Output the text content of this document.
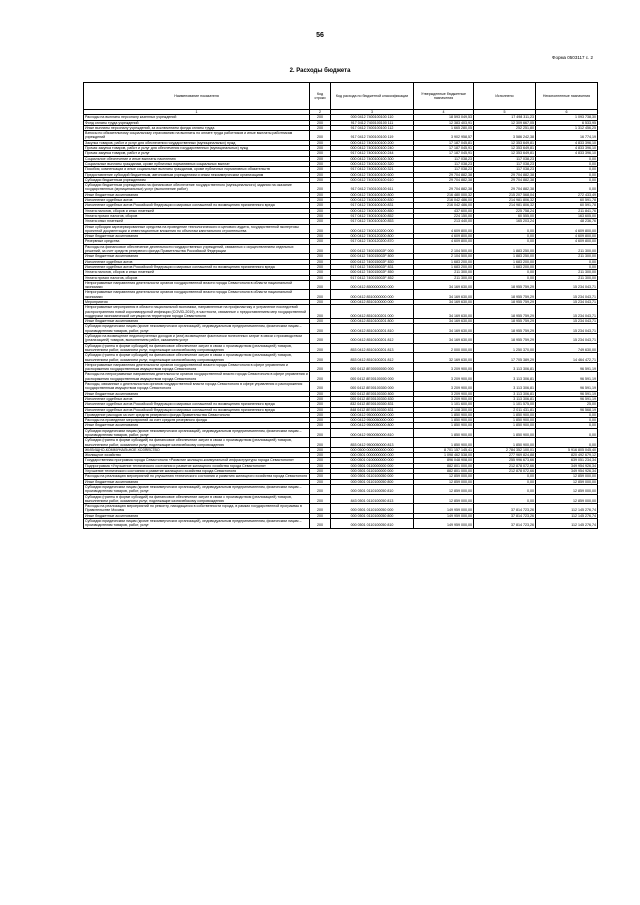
56
Форма 0503117 с. 2
2. Расходы бюджета
Наименование показателя	Код строки	Код расхода по бюджетной классификации	Утвержденные бюджетные назначения	Исполнено	Неисполненные назначения
1	2	3	4	5	6
Расходы на выплаты персоналу казенных учреждений	200	000 0412 7400100100 110	18 593 049,53	17 498 311,23	1 093 738,30
Фонд оплаты труда учреждений	200	917 0412 7400100100 111	12 383 403,91	12 309 667,05	6 533,95
Иные выплаты персоналу учреждений, за исключением фонда оплаты труда	200	917 0412 7400100100 112	1 665 280,05	252 251,80	1 312 456,25
Взносы по обязательному социальному страхованию на выплаты по оплате труда работников и иные выплаты работникам учреждений	200	917 0412 7400100100 119	3 902 958,57	3 586 242,38	16 774,19
Закупка товаров, работ и услуг для обеспечения государственных (муниципальных) нужд	200	000 0412 7400100100 200	17 187 045,81	12 353 649,81	4 833 396,10
Прочая закупка товаров, работ и услуг для обеспечения государственных (муниципальных) нужд	200	000 0412 7400100100 240	17 187 045,91	12 353 649,81	4 833 396,10
Прочая закупка товаров, работ и услуг	200	917 0412 7400100100 244	17 187 045,91	12 353 649,81	4 833 396,10
Социальное обеспечение и иные выплаты населению	200	000 0412 7400100100 300	117 038,23	117 038,23	0,00
Социальные выплаты гражданам, кроме публичных нормативных социальных выплат	200	000 0412 7400100100 320	117 038,23	117 038,23	0,00
Пособия, компенсации и иные социальные выплаты гражданам, кроме публичных нормативных обязательств	200	917 0412 7400100100 321	117 038,23	117 038,23	0,00
Предоставление субсидий бюджетным, автономным учреждениям и иным некоммерческим организациям	200	000 0412 7400100100 600	29 704 882,38	29 704 882,38	0,00
Субсидии бюджетным учреждениям	200	000 0412 7400100100 610	29 704 882,38	29 704 882,38	0,00
Субсидии бюджетным учреждениям на финансовое обеспечение государственного (муниципального) задания на оказание государственных (муниципальных) услуг (выполнение работ)	200	917 0412 7400100100 611	29 704 882,38	29 704 882,38	0,00
Иные бюджетные ассигнования	200	000 0412 7400100100 800	216 480 000,32	215 207 568,04	272 433,49
Исполнение судебных актов	200	000 0412 7400100100 830	216 042 486,00	214 981 806,32	60 591,78
Исполнение судебных актов Российской Федерации и мировых соглашений по возмещению причиненного вреда	200	917 0412 7400100100 831	216 042 486,00	214 981 806,32	60 591,78
Уплата налогов, сборов и иных платежей	200	000 0412 7400100100 850	437 600,00	225 758,24	211 841,76
Уплата прочих налогов, сборов	200	917 0412 7400100100 852	224 150,00	60 555,00	163 605,00
Уплата иных платежей	200	917 0412 7400100100 853	213 440,00	165 203,24	48 236,76
Иные субсидии зарезервированные средства на проведение технологического и ценового аудита, государственной экспертизы проектной документации и инвестиционные вложения по объектам капитального строительства	200	000 0412 7400120200 000	4 609 800,00	0,00	4 609 800,00
Иные бюджетные ассигнования	200	000 0412 7400120200 800	4 609 800,00	0,00	4 609 800,00
Резервные средства	200	917 0412 7400120200 870	4 609 800,00	0,00	4 609 800,00
Расходы на финансовое обеспечение деятельности государственных учреждений, связанных с осуществлением отдельных решений, за счет средств резервного фонда Правительства Российской Федерации	200	000 0412 740015002F 000	2 104 500,00	1 883 250,00	211 300,00
Иные бюджетные ассигнования	200	000 0412 740015002F 800	2 104 500,00	1 883 250,00	211 300,00
Исполнение судебных актов	200	000 0412 740015002F 830	1 683 200,00	1 683 200,00	0,00
Исполнение судебных актов Российской Федерации и мировых соглашений по возмещению причиненного вреда	200	917 0412 740015002F 831	1 683 200,00	1 683 200,00	0,00
Уплата налогов, сборов и иных платежей	200	000 0412 740015002F 850	211 300,00	0,00	211 300,00
Уплата прочих налогов, сборов	200	917 0412 740015002F 852	211 300,00	0,00	211 300,00
Непрограммные направления деятельности органов государственной власти города Севастополя в области национальной экономики	200	000 0412 8500000000 000	34 169 630,00	18 955 759,29	15 234 043,71
Непрограммные направления деятельности органов государственной власти города Севастополя в области национальной экономики	200	000 0412 8510000000 000	34 169 630,00	18 955 759,29	15 234 043,71
Мероприятия	200	000 0412 8510100000 000	34 169 630,00	18 955 759,29	15 234 043,71
Непрограммные мероприятия в области национальной экономики, направленные на профилактику и устранение последствий распространения новой коронавирусной инфекции (COVID-2019), в частности, связанные с предоставлением мер государственной поддержки экономической ситуации на территории города Севастополя	200	000 0412 8510100201 000	34 169 630,00	18 955 759,29	15 234 043,71
Иные бюджетные ассигнования	200	000 0412 8510100201 800	34 169 630,00	18 955 759,29	15 234 043,71
Субсидии юридическим лицам (кроме некоммерческих организаций), индивидуальным предпринимателям, физическим лицам – производителям товаров, работ, услуг	200	000 0412 8510100201 810	34 169 630,00	18 955 759,29	15 234 043,71
Субсидии на возмещение недополученных доходов и (или) возмещение фактически понесенных затрат в связи с производством (реализацией) товаров, выполнением работ, оказанием услуг	200	000 0412 8510100201 812	34 169 630,00	18 955 759,29	15 234 043,71
Субсидии (гранты в форме субсидий) на финансовое обеспечение затрат в связи с производством (реализацией) товаров, выполнением работ, оказанием услуг, подлежащие казначейскому сопровождению	200	853 0412 8510100201 813	2 000 000,00	1 250 370,00	749 630,00
Субсидии (гранты в форме субсидий) на финансовое обеспечение затрат в связи с производством (реализацией) товаров, выполнением работ, оказанием услуг, подлежащие казначейскому сопровождению	200	853 0412 8510100201 812	32 169 630,00	17 705 389,29	14 464 472,71
Непрограммные направления деятельности органов государственной власти города Севастополя в сфере управления и распоряжения государственным имуществом города Севастополя	200	000 0412 8E00000000 000	3 209 900,00	3 113 306,81	96 591,19
Расходы на непрограммные направления деятельности органов государственной власти города Севастополя в сфере управления и распоряжения государственным имуществом города Севастополя	200	000 0412 8E00100000 000	3 209 900,00	3 113 306,81	96 591,19
Расходы, связанные с деятельностью органов государственной власти города Севастополя в сфере управления и распоряжения государственным имуществом города Севастополя	200	000 0412 8E00100300 000	3 209 900,00	3 113 306,81	96 591,19
Иные бюджетные ассигнования	200	000 0412 8E00100300 800	3 209 900,00	3 113 306,81	96 591,19
Исполнение судебных актов	200	000 0412 8E00100300 830	3 209 900,00	3 113 306,81	96 591,19
Исполнение судебных актов Российской Федерации и мировых соглашений по возмещению причиненного вреда	200	832 0412 8E00100300 831	1 101 600,00	1 101 575,00	25,00
Исполнение судебных актов Российской Федерации и мировых соглашений по возмещению причиненного вреда	200	848 0412 8E00100300 831	2 108 300,00	2 011 431,81	96 568,19
Проведение расходов за счет средств резервного фонда Правительства Севастополя	200	000 0412 9500000000 000	1 850 900,00	1 850 900,00	0,00
Расходы на проведение мероприятий за счет средств резервного фонда	200	000 0412 9500050000 000	1 850 900,00	1 850 900,00	0,00
Иные бюджетные ассигнования	200	000 0412 9500050000 800	1 850 900,00	1 850 900,00	0,00
Субсидии юридическим лицам (кроме некоммерческих организаций), индивидуальным предпринимателям, физическим лицам – производителям товаров, работ, услуг	200	000 0412 9500050000 810	1 850 900,00	1 850 900,00	0,00
Субсидии (гранты в форме субсидий) на финансовое обеспечение затрат в связи с производством (реализацией) товаров, выполнением работ, оказанием услуг, подлежащие казначейскому сопровождению	200	853 0412 9500050000 813	1 850 900,00	1 850 900,00	0,00
ЖИЛИЩНО-КОММУНАЛЬНОЕ ХОЗЯЙСТВО	200	000 0500 0000000000 000	8 701 157 145,41	2 784 352 100,01	5 916 805 045,40
Жилищное хозяйство	200	000 0501 0000000000 000	1 098 462 538,00	277 969 824,88	820 492 679,12
Государственная программа города Севастополя «Развитие жилищно-коммунальной инфраструктуры города Севастополя»	200	000 0501 0100000000 000	896 048 908,00	255 996 673,66	639 051 234,34
Подпрограмма «Улучшение технического состояния и развитие жилищного хозяйства города Севастополя»	200	000 0501 0110000000 000	882 801 000,00	212 878 072,66	349 954 926,34
Улучшение технического состояния и развитие жилищного хозяйства города Севастополя	200	000 0501 0110100000 000	882 801 000,00	212 878 072,66	349 954 926,34
Расходы на реализацию мероприятий по улучшению технического состояния и развитию жилищного хозяйства города Севастополя	200	000 0501 0110100050 000	12 859 000,00	0,00	12 859 000,00
Иные бюджетные ассигнования	200	000 0501 0110100050 800	12 859 000,00	0,00	12 859 000,00
Субсидии юридическим лицам (кроме некоммерческих организаций), индивидуальным предпринимателям, физическим лицам – производителям товаров, работ, услуг	200	000 0501 0110100050 810	12 859 000,00	0,00	12 859 000,00
Субсидии (гранты в форме субсидий) на финансовое обеспечение затрат в связи с производством (реализацией) товаров, выполнением работ, оказанием услуг, подлежащие казначейскому сопровождению	200	843 0501 0110100050 813	12 859 000,00	0,00	12 859 000,00
Расходы на реализацию мероприятий по ремонту, находящихся в собственности города, в рамках государственной программы в Правительстве Москвы	200	000 0501 0110100050 000	149 959 000,00	37 814 723,26	112 145 276,74
Иные бюджетные ассигнования	200	000 0501 0110100050 800	149 959 000,00	37 814 723,26	112 145 276,74
Субсидии юридическим лицам (кроме некоммерческих организаций), индивидуальным предпринимателям, физическим лицам – производителям товаров, работ, услуг	200	000 0501 0110100050 810	149 959 000,00	37 814 723,26	112 145 276,74
